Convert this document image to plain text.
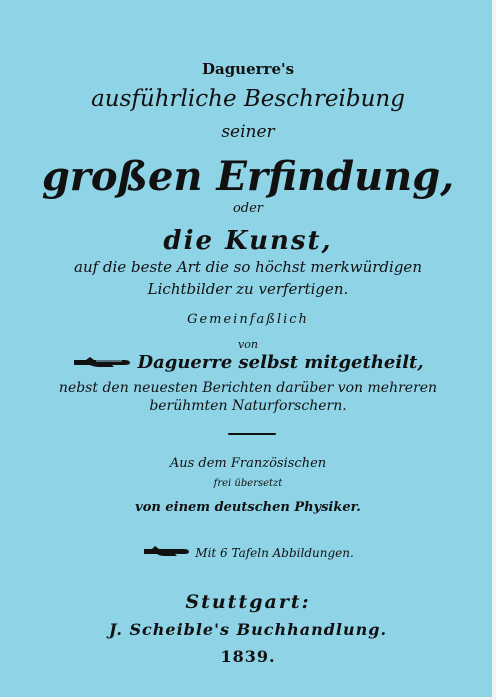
Daguerre's
ausführliche Beschreibung
seiner
großen Erfindung,
oder
die Kunst,
auf die beste Art die so höchst merkwürdigen
Lichtbilder zu verfertigen.
Gemeinfaßlich
von
Daguerre selbst mitgetheilt,
nebst den neuesten Berichten darüber von mehreren
berühmten Naturforschern.
Aus dem Französischen
frei übersetzt
von einem deutschen Physiker.
Mit 6 Tafeln Abbildungen.
Stuttgart:
J. Scheible's Buchhandlung.
1839.
